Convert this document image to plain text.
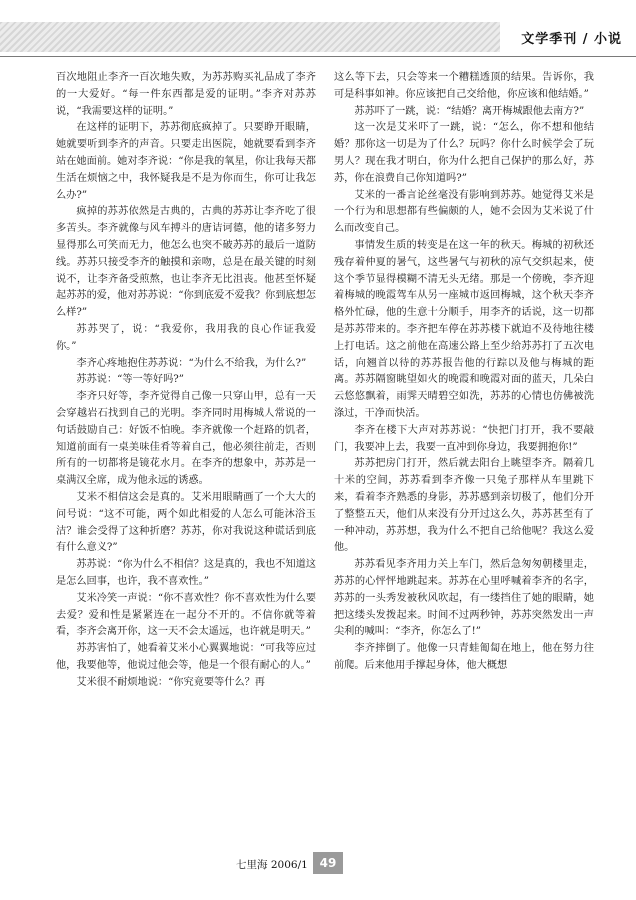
文学季刊 / 小说

百次地阻止李齐一百次地失败，为苏苏购买礼品成了李齐的一大爱好。“每一件东西都是爱的证明。”李齐对苏苏说，“我需要这样的证明。”

在这样的证明下，苏苏彻底疯掉了。只要睁开眼睛，她就要听到李齐的声音。只要走出医院，她就要看到李齐站在她面前。她对李齐说：“你是我的氧星，你让我每天都生活在烦恼之中，我怀疑我是不是为你而生，你可让我怎么办?”

疯掉的苏苏依然是古典的，古典的苏苏让李齐吃了很多苦头。李齐就像与风车搏斗的唐诘诃德，他的诸多努力显得那么可笑而无力，他怎么也突不破苏苏的最后一道防线。苏苏只接受李齐的触摸和亲吻，总是在最关键的时刻说不，让李齐备受煎熬，也让李齐无比沮丧。他甚至怀疑起苏苏的爱，他对苏苏说：“你到底爱不爱我？你到底想怎么样?”

苏苏哭了，说：“我爱你，我用我的良心作证我爱你。”

李齐心疼地抱住苏苏说：“为什么不给我，为什么?”

苏苏说：“等一等好吗?”

李齐只好等，李齐觉得自己像一只穿山甲，总有一天会穿越岩石找到自己的光明。李齐同时用梅城人常说的一句话鼓励自己：好饭不怕晚。李齐就像一个赶路的饥者，知道前面有一桌美味佳肴等着自己，他必须往前走，否则所有的一切都将是镜花水月。在李齐的想象中，苏苏是一桌满汉全席，成为他永远的诱惑。

艾米不相信这会是真的。艾米用眼睛画了一个大大的问号说：“这不可能，两个如此相爱的人怎么可能沐浴玉洁？谁会受得了这种折磨？苏苏，你对我说这种谎话到底有什么意义?”

苏苏说：“你为什么不相信？这是真的，我也不知道这是怎么回事，也许，我不喜欢性。”

艾米冷笑一声说：“你不喜欢性？你不喜欢性为什么要去爱？爱和性是紧紧连在一起分不开的。不信你就等着看，李齐会离开你，这一天不会太遥远，也许就是明天。”

苏苏害怕了，她看着艾米小心翼翼地说：“可我等应过他，我要他等，他说过他会等，他是一个很有耐心的人。”

艾米很不耐烦地说：“你究竟要等什么？再

这么等下去，只会等来一个糟糕透顶的结果。告诉你，我可是科事如神。你应该把自己交给他，你应该和他结婚。”

苏苏吓了一跳，说：“结婚？离开梅城跟他去南方?”

这一次是艾米吓了一跳，说：“怎么，你不想和他结婚？那你这一切是为了什么？玩吗？你什么时候学会了玩男人？现在我才明白，你为什么把自己保护的那么好，苏苏，你在浪费自己你知道吗?”

艾米的一番言论丝毫没有影响到苏苏。她觉得艾米是一个行为和思想都有些偏颇的人，她不会因为艾米说了什么而改变自己。

事情发生质的转变是在这一年的秋天。梅城的初秋还残存着仲夏的暑气，这些暑气与初秋的凉气交织起来，使这个季节显得模糊不清无头无绪。那是一个傍晚，李齐迎着梅城的晚霞驾车从另一座城市返回梅城，这个秋天李齐格外忙碌，他的生意十分顺手，用李齐的话说，这一切都是苏苏带来的。李齐把车停在苏苏楼下就迫不及待地往楼上打电话。这之前他在高速公路上至少给苏苏打了五次电话，向翘首以待的苏苏报告他的行踪以及他与梅城的距离。苏苏隔窗眺望如火的晚霞和晚霞对面的蓝天，几朵白云悠悠飘着，雨霁天晴碧空如洗，苏苏的心情也仿佛被洗涤过，干净而快活。

李齐在楼下大声对苏苏说：“快把门打开，我不要敲门，我要冲上去，我要一直冲到你身边，我要拥抱你!”

苏苏把房门打开，然后就去阳台上眺望李齐。隔着几十米的空间，苏苏看到李齐像一只兔子那样从车里跳下来，看着李齐熟悉的身影，苏苏感到亲切极了，他们分开了整整五天，他们从来没有分开过这么久，苏苏甚至有了一种冲动，苏苏想，我为什么不把自己给他呢？我这么爱他。

苏苏看见李齐用力关上车门，然后急匆匆朝楼里走，苏苏的心怦怦地跳起来。苏苏在心里呼喊着李齐的名字，苏苏的一头秀发被秋风吹起，有一缕挡住了她的眼睛，她把这缕头发拨起来。时间不过两秒钟，苏苏突然发出一声尖利的喊叫：“李齐，你怎么了!”

李齐摔倒了。他像一只青蛙匍匐在地上，他在努力往前爬。后来他用手撑起身体，他大概想

七里海 2006/1 49
